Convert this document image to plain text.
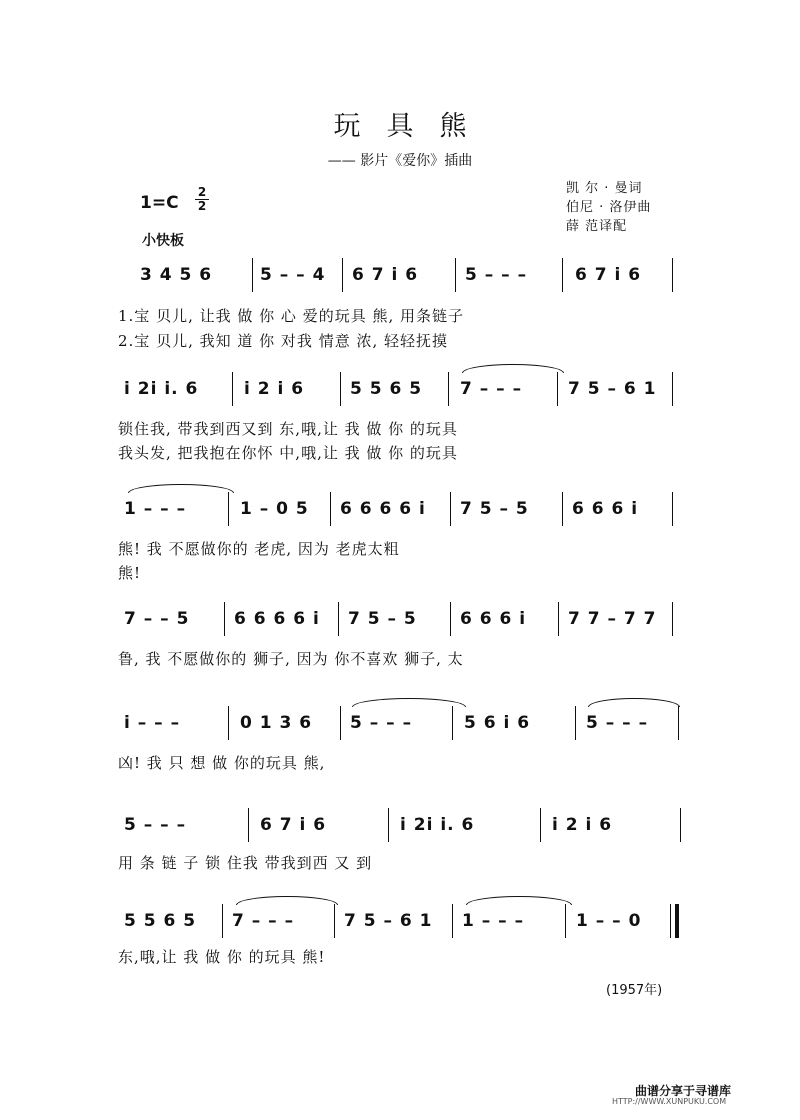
玩具熊
—— 影片《爱你》插曲
1=C
2
2
小快板
凯 尔 · 曼词
伯尼 · 洛伊曲
薛 范译配
3 4 5 6	5 – – 4 6 7 i 6	5 – – –	6 7 i 6
1.宝 贝儿, 让我 做 你 心 爱的玩具 熊, 用条链子
2.宝 贝儿, 我知 道 你 对我 情意 浓, 轻轻抚摸
i 2i i. 6	i 2 i 6	5 5 6 5 7 – – –	7 5 – 6 1
锁住我, 带我到西又到 东,哦,让 我 做 你 的玩具
我头发, 把我抱在你怀 中,哦,让 我 做 你 的玩具
1 – – –	1 – 0 5 6 6 6 6 i 7 5 – 5	6 6 6 i
熊! 我 不愿做你的 老虎, 因为 老虎太粗
熊!
7 – – 5	6 6 6 6 i 7 5 – 5	6 6 6 i 7 7 – 7 7
鲁, 我 不愿做你的 狮子, 因为 你不喜欢 狮子, 太
i – – –	0 1 3 6 5 – – –	5 6 i 6	5 – – –
凶! 我 只 想 做 你的玩具 熊,
5 – – –	6 7 i 6	i 2i i. 6	i 2 i 6
用 条 链 子 锁 住我 带我到西 又 到
5 5 6 5 7 – – –	7 5 – 6 1 1 – – –	1 – – 0
东,哦,让 我 做 你 的玩具 熊!
(1957年)
曲谱分享于寻谱库
HTTP://WWW.XUNPUKU.COM
